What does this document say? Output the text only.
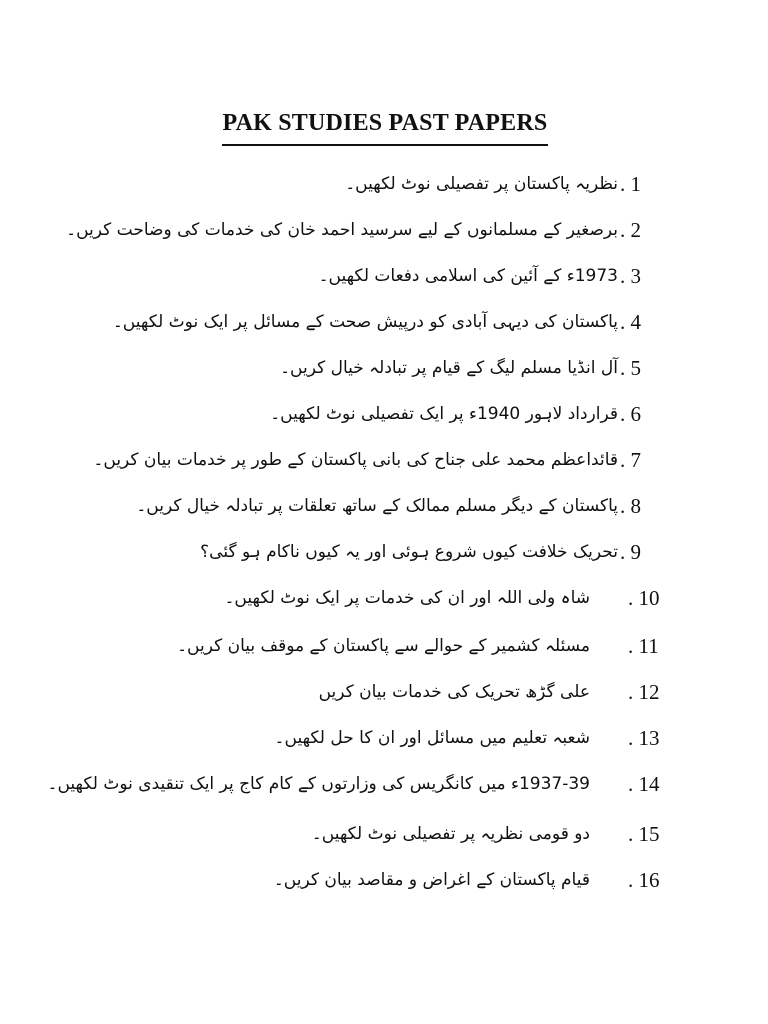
PAK STUDIES PAST PAPERS
. 1
نظریہ پاکستان پر تفصیلی نوٹ لکھیں۔
. 2
برصغیر کے مسلمانوں کے لیے سرسید احمد خان کی خدمات کی وضاحت کریں۔
. 3
1973ء کے آئین کی اسلامی دفعات لکھیں۔
. 4
پاکستان کی دیہی آبادی کو درپیش صحت کے مسائل پر ایک نوٹ لکھیں۔
. 5
آل انڈیا مسلم لیگ کے قیام پر تبادلہ خیال کریں۔
. 6
قرارداد لاہور 1940ء پر ایک تفصیلی نوٹ لکھیں۔
. 7
قائداعظم محمد علی جناح کی بانی پاکستان کے طور پر خدمات بیان کریں۔
. 8
پاکستان کے دیگر مسلم ممالک کے ساتھ تعلقات پر تبادلہ خیال کریں۔
. 9
تحریک خلافت کیوں شروع ہوئی اور یہ کیوں ناکام ہو گئی؟
. 10
شاہ ولی اللہ اور ان کی خدمات پر ایک نوٹ لکھیں۔
. 11
مسئلہ کشمیر کے حوالے سے پاکستان کے موقف بیان کریں۔
. 12
علی گڑھ تحریک کی خدمات بیان کریں
. 13
شعبہ تعلیم میں مسائل اور ان کا حل لکھیں۔
. 14
1937-39ء میں کانگریس کی وزارتوں کے کام کاج پر ایک تنقیدی نوٹ لکھیں۔
. 15
دو قومی نظریہ پر تفصیلی نوٹ لکھیں۔
. 16
قیام پاکستان کے اغراض و مقاصد بیان کریں۔
